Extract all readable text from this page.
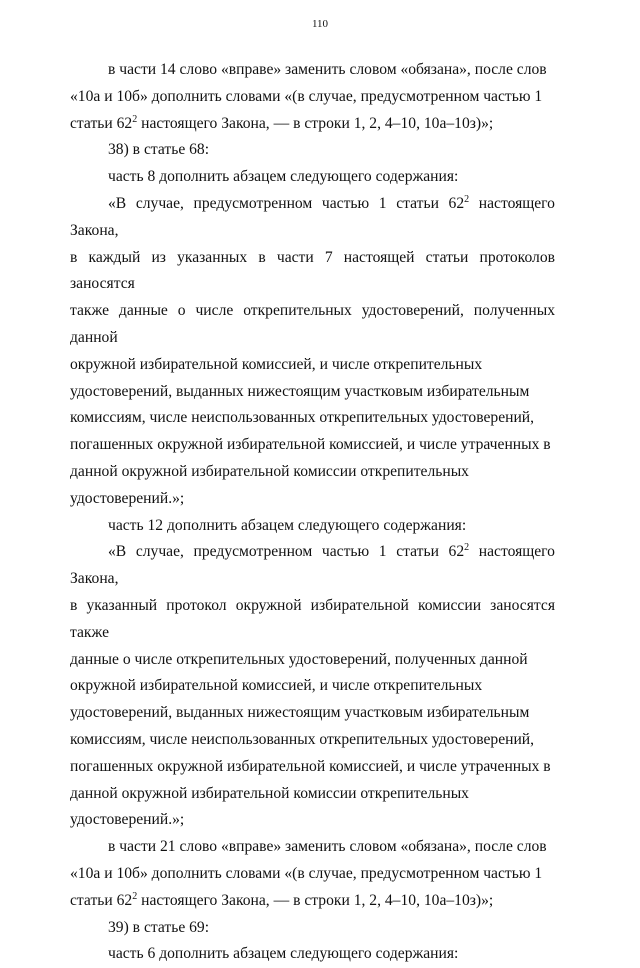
110

в части 14 слово «вправе» заменить словом «обязана», после слов

«10а и 10б» дополнить словами «(в случае, предусмотренном частью 1

статьи $62^2$ настоящего Закона, — в строки 1, 2, 4–10, 10а–10з)»;

38) в статье 68:

часть 8 дополнить абзацем следующего содержания:

«В случае, предусмотренном частью 1 статьи $62^2$ настоящего Закона,

в каждый из указанных в части 7 настоящей статьи протоколов заносятся

также данные о числе открепительных удостоверений, полученных данной

окружной избирательной комиссией, и числе открепительных

удостоверений, выданных нижестоящим участковым избирательным

комиссиям, числе неиспользованных открепительных удостоверений,

погашенных окружной избирательной комиссией, и числе утраченных в

данной окружной избирательной комиссии открепительных

удостоверений.»;

часть 12 дополнить абзацем следующего содержания:

«В случае, предусмотренном частью 1 статьи $62^2$ настоящего Закона,

в указанный протокол окружной избирательной комиссии заносятся также

данные о числе открепительных удостоверений, полученных данной

окружной избирательной комиссией, и числе открепительных

удостоверений, выданных нижестоящим участковым избирательным

комиссиям, числе неиспользованных открепительных удостоверений,

погашенных окружной избирательной комиссией, и числе утраченных в

данной окружной избирательной комиссии открепительных

удостоверений.»;

в части 21 слово «вправе» заменить словом «обязана», после слов

«10а и 10б» дополнить словами «(в случае, предусмотренном частью 1

статьи $62^2$ настоящего Закона, — в строки 1, 2, 4–10, 10а–10з)»;

39) в статье 69:

часть 6 дополнить абзацем следующего содержания:
